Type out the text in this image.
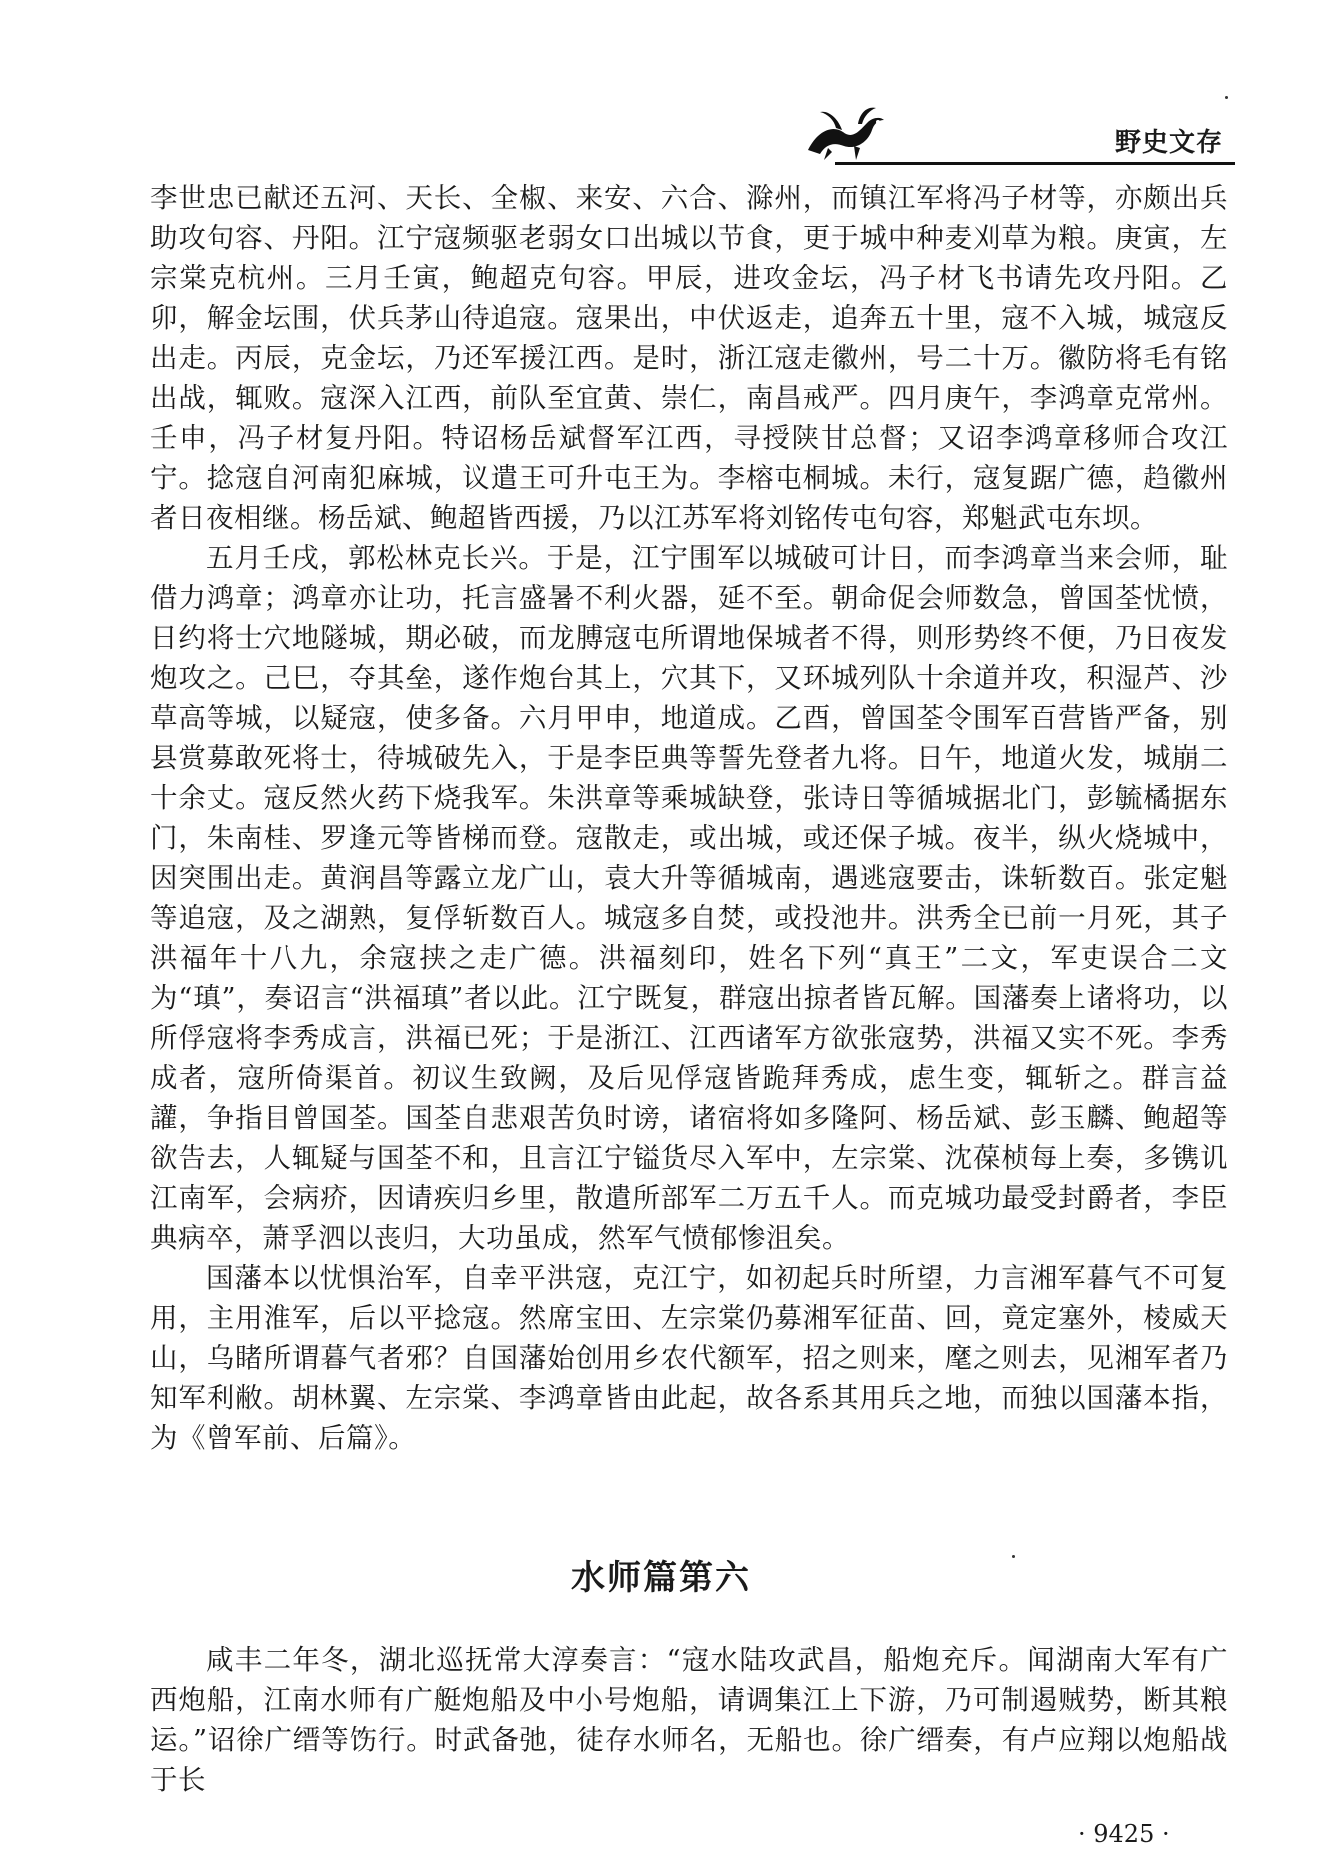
野史文存

李世忠已献还五河、天长、全椒、来安、六合、滁州，而镇江军将冯子材等，亦颇出兵助攻句容、丹阳。江宁寇频驱老弱女口出城以节食，更于城中种麦刈草为粮。庚寅，左宗棠克杭州。三月壬寅，鲍超克句容。甲辰，进攻金坛，冯子材飞书请先攻丹阳。乙卯，解金坛围，伏兵茅山待追寇。寇果出，中伏返走，追奔五十里，寇不入城，城寇反出走。丙辰，克金坛，乃还军援江西。是时，浙江寇走徽州，号二十万。徽防将毛有铭出战，辄败。寇深入江西，前队至宜黄、崇仁，南昌戒严。四月庚午，李鸿章克常州。壬申，冯子材复丹阳。特诏杨岳斌督军江西，寻授陕甘总督；又诏李鸿章移师合攻江宁。捻寇自河南犯麻城，议遣王可升屯王为。李榕屯桐城。未行，寇复踞广德，趋徽州者日夜相继。杨岳斌、鲍超皆西援，乃以江苏军将刘铭传屯句容，郑魁武屯东坝。

五月壬戌，郭松林克长兴。于是，江宁围军以城破可计日，而李鸿章当来会师，耻借力鸿章；鸿章亦让功，托言盛暑不利火器，延不至。朝命促会师数急，曾国荃忧愤，日约将士穴地隧城，期必破，而龙膊寇屯所谓地保城者不得，则形势终不便，乃日夜发炮攻之。己巳，夺其垒，遂作炮台其上，穴其下，又环城列队十余道并攻，积湿芦、沙草高等城，以疑寇，使多备。六月甲申，地道成。乙酉，曾国荃令围军百营皆严备，别县赏募敢死将士，待城破先入，于是李臣典等誓先登者九将。日午，地道火发，城崩二十余丈。寇反然火药下烧我军。朱洪章等乘城缺登，张诗日等循城据北门，彭毓橘据东门，朱南桂、罗逢元等皆梯而登。寇散走，或出城，或还保子城。夜半，纵火烧城中，因突围出走。黄润昌等露立龙广山，袁大升等循城南，遇逃寇要击，诛斩数百。张定魁等追寇，及之湖熟，复俘斩数百人。城寇多自焚，或投池井。洪秀全已前一月死，其子洪福年十八九，余寇挟之走广德。洪福刻印，姓名下列“真王”二文，军吏误合二文为“瑱”，奏诏言“洪福瑱”者以此。江宁既复，群寇出掠者皆瓦解。国藩奏上诸将功，以所俘寇将李秀成言，洪福已死；于是浙江、江西诸军方欲张寇势，洪福又实不死。李秀成者，寇所倚渠首。初议生致阙，及后见俘寇皆跪拜秀成，虑生变，辄斩之。群言益讙，争指目曾国荃。国荃自悲艰苦负时谤，诸宿将如多隆阿、杨岳斌、彭玉麟、鲍超等欲告去，人辄疑与国荃不和，且言江宁镒货尽入军中，左宗棠、沈葆桢每上奏，多镌讥江南军，会病疥，因请疾归乡里，散遣所部军二万五千人。而克城功最受封爵者，李臣典病卒，萧孚泗以丧归，大功虽成，然军气愤郁惨沮矣。

国藩本以忧惧治军，自幸平洪寇，克江宁，如初起兵时所望，力言湘军暮气不可复用，主用淮军，后以平捻寇。然席宝田、左宗棠仍募湘军征苗、回，竟定塞外，棱威天山，乌睹所谓暮气者邪？自国藩始创用乡农代额军，招之则来，麾之则去，见湘军者乃知军利敝。胡林翼、左宗棠、李鸿章皆由此起，故各系其用兵之地，而独以国藩本指，为《曾军前、后篇》。

水师篇第六

咸丰二年冬，湖北巡抚常大淳奏言：“寇水陆攻武昌，船炮充斥。闻湖南大军有广西炮船，江南水师有广艇炮船及中小号炮船，请调集江上下游，乃可制遏贼势，断其粮运。”诏徐广缙等饬行。时武备弛，徒存水师名，无船也。徐广缙奏，有卢应翔以炮船战于长

· 9425 ·
